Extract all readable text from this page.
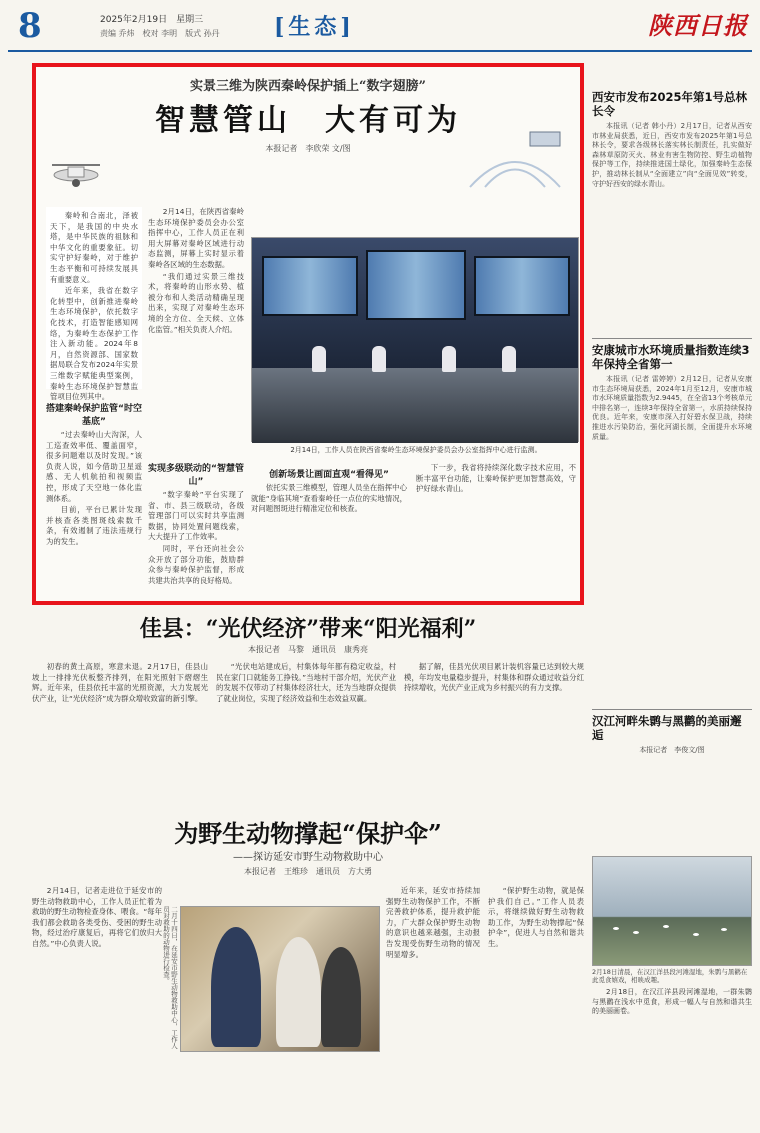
8	2025年2月19日　星期三
责编 乔炜　校对 李明　版式 孙丹 [生态]	陕西日报
实景三维为陕西秦岭保护插上“数字翅膀”
智慧管山　大有可为
本报记者　李欣荣 文/图

秦岭和合南北，泽被天下，是我国的中央水塔，是中华民族的祖脉和中华文化的重要象征。切实守护好秦岭，对于维护生态平衡和可持续发展具有重要意义。

近年来，我省在数字化转型中，创新推进秦岭生态环境保护，依托数字化技术，打造智能感知网络，为秦岭生态保护工作注入新动能。2024年8月，自然资源部、国家数据局联合发布2024年实景三维数字赋能典型案例，秦岭生态环境保护智慧监管项目位列其中。

2月14日，在陕西省秦岭生态环境保护委员会办公室指挥中心，工作人员正在利用大屏幕对秦岭区域进行动态监测，屏幕上实时显示着秦岭各区域的生态数据。

“我们通过实景三维技术，将秦岭的山形水势、植被分布和人类活动精确呈现出来，实现了对秦岭生态环境的全方位、全天候、立体化监管。”相关负责人介绍。

搭建秦岭保护监管“时空基底”

“过去秦岭山大沟深，人工巡查效率低、覆盖面窄，很多问题难以及时发现。”该负责人说，如今借助卫星遥感、无人机航拍和视频监控，形成了天空地一体化监测体系。

目前，平台已累计发现并核查各类图斑线索数千条，有效遏制了违法违规行为的发生。

实现多级联动的“智慧管山”

“数字秦岭”平台实现了省、市、县三级联动，各级管理部门可以实时共享监测数据，协同处置问题线索，大大提升了工作效率。

同时，平台还向社会公众开放了部分功能，鼓励群众参与秦岭保护监督，形成共建共治共享的良好格局。

2月14日，工作人员在陕西省秦岭生态环境保护委员会办公室指挥中心进行监测。
创新场景让画面直观“看得见”

依托实景三维模型，管理人员坐在指挥中心就能“身临其境”查看秦岭任一点位的实地情况，对问题图斑进行精准定位和核查。

下一步，我省将持续深化数字技术应用，不断丰富平台功能，让秦岭保护更加智慧高效，守护好绿水青山。

西安市发布2025年第1号总林长令

本报讯（记者 韩小丹）2月17日，记者从西安市林业局获悉，近日，西安市发布2025年第1号总林长令，要求各级林长落实林长制责任，扎实做好森林草原防灭火、林业有害生物防控、野生动植物保护等工作，持续推进国土绿化，加强秦岭生态保护，推动林长制从“全面建立”向“全面见效”转变，守护好西安的绿水青山。

安康城市水环境质量指数连续3年保持全省第一

本报讯（记者 雷婷婷）2月12日，记者从安康市生态环境局获悉，2024年1月至12月，安康市城市水环境质量指数为2.9445，在全省13个考核单元中排名第一，连续3年保持全省第一，水质持续保持优良。近年来，安康市深入打好碧水保卫战，持续推进水污染防治，强化河湖长制，全面提升水环境质量。

汉江河畔朱鹮与黑鹳的美丽邂逅
本报记者　李俊文/图
2月18日清晨，在汉江洋县段河滩湿地，朱鹮与黑鹳在此觅食嬉戏，相映成趣。

2月18日，在汉江洋县段河滩湿地，一群朱鹮与黑鹳在浅水中觅食，形成一幅人与自然和谐共生的美丽画卷。

佳县：“光伏经济”带来“阳光福利”
本报记者　马黎　通讯员　康秀亮

初春的黄土高原，寒意未退。2月17日，佳县山坡上一排排光伏板整齐排列，在阳光照射下熠熠生辉。近年来，佳县依托丰富的光照资源，大力发展光伏产业，让“光伏经济”成为群众增收致富的新引擎。

“光伏电站建成后，村集体每年都有稳定收益，村民在家门口就能务工挣钱。”当地村干部介绍，光伏产业的发展不仅带动了村集体经济壮大，还为当地群众提供了就业岗位，实现了经济效益和生态效益双赢。

据了解，佳县光伏项目累计装机容量已达到较大规模，年均发电量稳步提升，村集体和群众通过收益分红持续增收，光伏产业正成为乡村振兴的有力支撑。

为野生动物撑起“保护伞”
——探访延安市野生动物救助中心
本报记者　王维珍　通讯员　方大勇

2月14日，记者走进位于延安市的野生动物救助中心，工作人员正忙着为救助的野生动物检查身体、喂食。“每年我们都会救助各类受伤、受困的野生动物，经过治疗康复后，再将它们放归大自然。”中心负责人说。	二月十四日，在延安市野生动物救助中心，工作人员对救助的动物进行检查。

近年来，延安市持续加强野生动物保护工作，不断完善救护体系，提升救护能力，广大群众保护野生动物的意识也越来越强，主动报告发现受伤野生动物的情况明显增多。

“保护野生动物，就是保护我们自己。”工作人员表示，将继续做好野生动物救助工作，为野生动物撑起“保护伞”，促进人与自然和谐共生。
